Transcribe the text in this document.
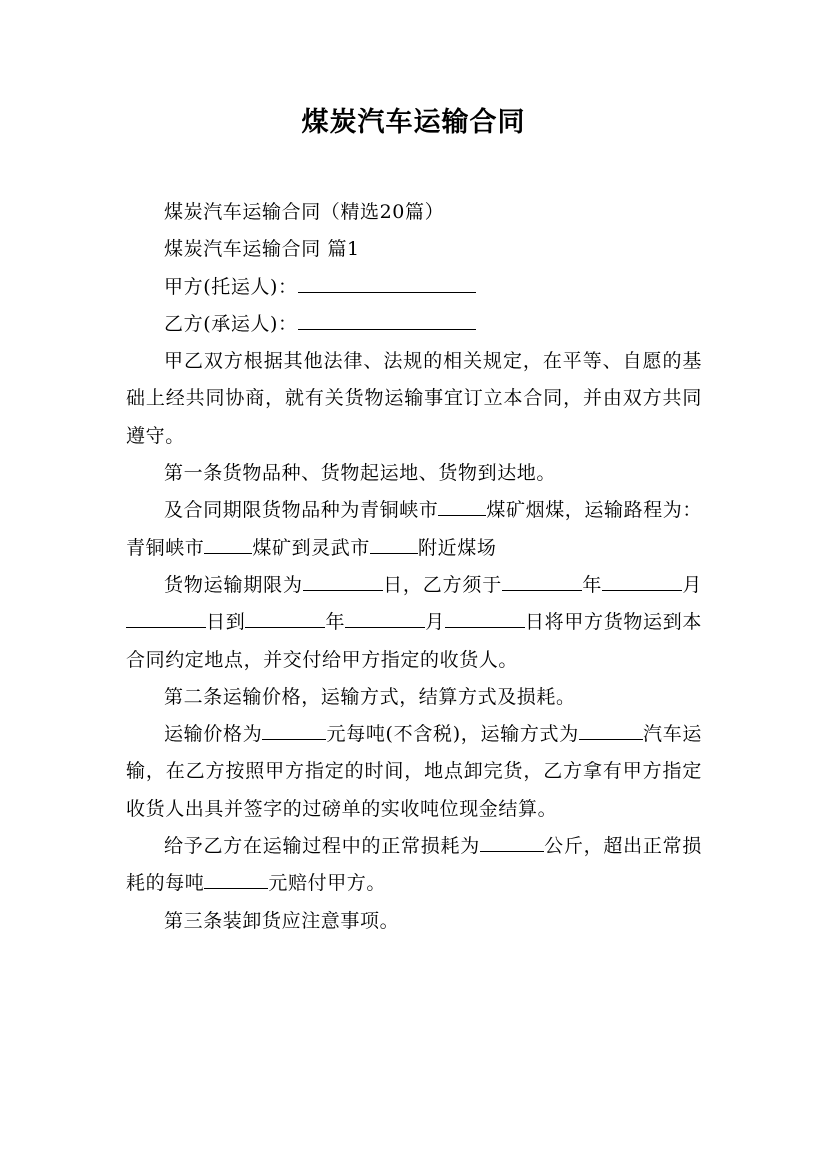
煤炭汽车运输合同

煤炭汽车运输合同（精选20篇）

煤炭汽车运输合同 篇1

甲方(托运人)：

乙方(承运人)：

甲乙双方根据其他法律、法规的相关规定，在平等、自愿的基础上经共同协商，就有关货物运输事宜订立本合同，并由双方共同遵守。

第一条货物品种、货物起运地、货物到达地。

及合同期限货物品种为青铜峡市	煤矿烟煤，运输路程为：青铜峡市	煤矿到灵武市	附近煤场

货物运输期限为	日，乙方须于	年	月日到	年	月	日将甲方货物运到本合同约定地点，并交付给甲方指定的收货人。

第二条运输价格，运输方式，结算方式及损耗。

运输价格为	元每吨(不含税)，运输方式为	汽车运输，在乙方按照甲方指定的时间，地点卸完货，乙方拿有甲方指定收货人出具并签字的过磅单的实收吨位现金结算。

给予乙方在运输过程中的正常损耗为	公斤，超出正常损耗的每吨	元赔付甲方。

第三条装卸货应注意事项。
